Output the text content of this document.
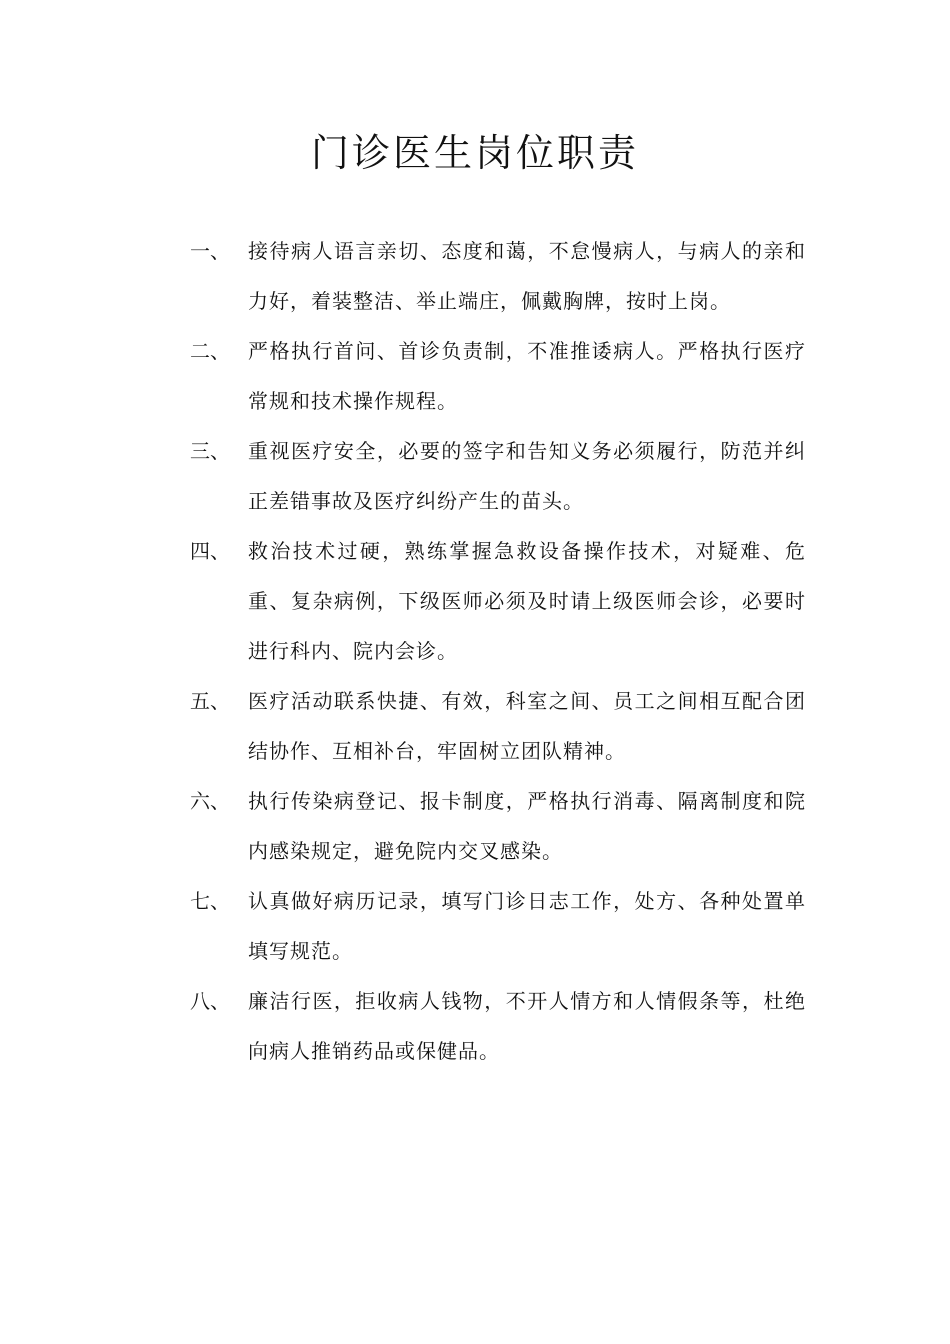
门诊医生岗位职责
一、 接待病人语言亲切、态度和蔼，不怠慢病人，与病人的亲和力好，着装整洁、举止端庄，佩戴胸牌，按时上岗。
二、 严格执行首问、首诊负责制，不准推诿病人。严格执行医疗常规和技术操作规程。
三、 重视医疗安全，必要的签字和告知义务必须履行，防范并纠正差错事故及医疗纠纷产生的苗头。
四、 救治技术过硬，熟练掌握急救设备操作技术，对疑难、危重、复杂病例，下级医师必须及时请上级医师会诊，必要时进行科内、院内会诊。
五、 医疗活动联系快捷、有效，科室之间、员工之间相互配合团结协作、互相补台，牢固树立团队精神。
六、 执行传染病登记、报卡制度，严格执行消毒、隔离制度和院内感染规定，避免院内交叉感染。
七、 认真做好病历记录，填写门诊日志工作，处方、各种处置单填写规范。
八、 廉洁行医，拒收病人钱物，不开人情方和人情假条等，杜绝向病人推销药品或保健品。
